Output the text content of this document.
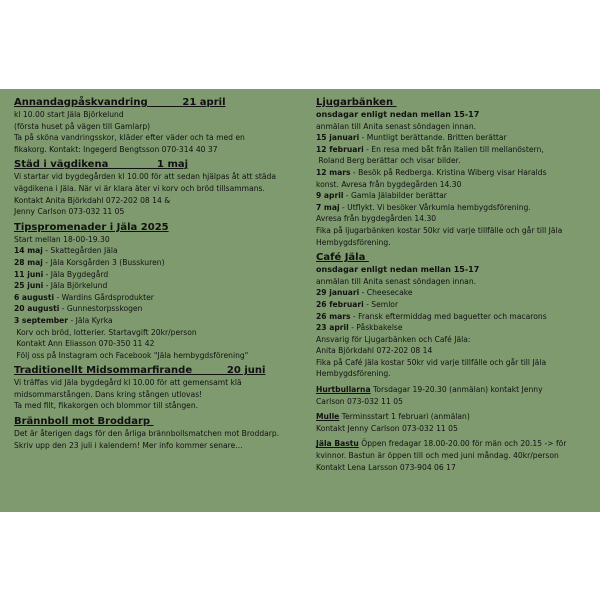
Annandagpåskvandring          21 april
kl 10.00 start Jäla Björkelund
(första huset på vägen till Gamlarp)
Ta på sköna vandringsskor, kläder efter väder och ta med en
fikakorg. Kontakt: Ingegerd Bengtsson 070-314 40 37
Städ i vägdikena              1 maj
Vi startar vid bygdegården kl 10.00 för att sedan hjälpas åt att städa
vägdikena i Jäla. När vi är klara äter vi korv och bröd tillsammans.
Kontakt Anita Björkdahl 072-202 08 14 &
Jenny Carlson 073-032 11 05
Tipspromenader i Jäla 2025
Start mellan 18-00-19.30
14 maj - Skattegården Jäla
28 maj - Jäla Korsgården 3 (Busskuren)
11 juni - Jäla Bygdegård
25 juni - Jäla Björkelund
6 augusti - Wardins Gårdsprodukter
20 augusti - Gunnestorpsskogen
3 september - Jäla Kyrka
Korv och bröd, lotterier. Startavgift 20kr/person
Kontakt Ann Eliasson 070-350 11 42
Följ oss på Instagram och Facebook "Jäla hembygdsförening"
Traditionellt Midsommarfirande          20 juni
Vi träffas vid Jäla bygdegård kl 10.00 för att gemensamt klä
midsommarstången. Dans kring stången utlovas!
Ta med filt, fikakorgen och blommor till stången.
Brännboll mot Broddarp
Det är återigen dags för den årliga brännbollsmatchen mot Broddarp.
Skriv upp den 23 juli i kalendern! Mer info kommer senare...
Ljugarbänken
onsdagar enligt nedan mellan 15-17
anmälan till Anita senast söndagen innan.
15 januari - Muntligt berättande. Britten berättar
12 februari - En resa med båt från Italien till mellanöstern,
Roland Berg berättar och visar bilder.
12 mars - Besök på Redberga. Kristina Wiberg visar Haralds
konst. Avresa från bygdegården 14.30
9 april - Gamla Jälabilder berättar
7 maj - Utflykt. Vi besöker Vårkumla hembygdsförening.
Avresa från bygdegården 14.30
Fika på ljugarbänken kostar 50kr vid varje tillfälle och går till Jäla
Hembygdsförening.
Café Jäla
onsdagar enligt nedan mellan 15-17
anmälan till Anita senast söndagen innan.
29 januari - Cheesecake
26 februari - Semlor
26 mars - Fransk eftermiddag med baguetter och macarons
23 april - Påskbakelse
Ansvarig för Ljugarbänken och Café Jäla:
Anita Björkdahl 072-202 08 14
Fika på Café Jäla kostar 50kr vid varje tillfälle och går till Jäla
Hembygdsförening.
Hurtbullarna Torsdagar 19-20.30 (anmälan) kontakt Jenny
Carlson 073-032 11 05
Mulle Terminsstart 1 februari (anmälan)
Kontakt Jenny Carlson 073-032 11 05
Jäla Bastu Öppen fredagar 18.00-20.00 för män och 20.15 -> för
kvinnor. Bastun är öppen till och med juni måndag. 40kr/person
Kontakt Lena Larsson 073-904 06 17
